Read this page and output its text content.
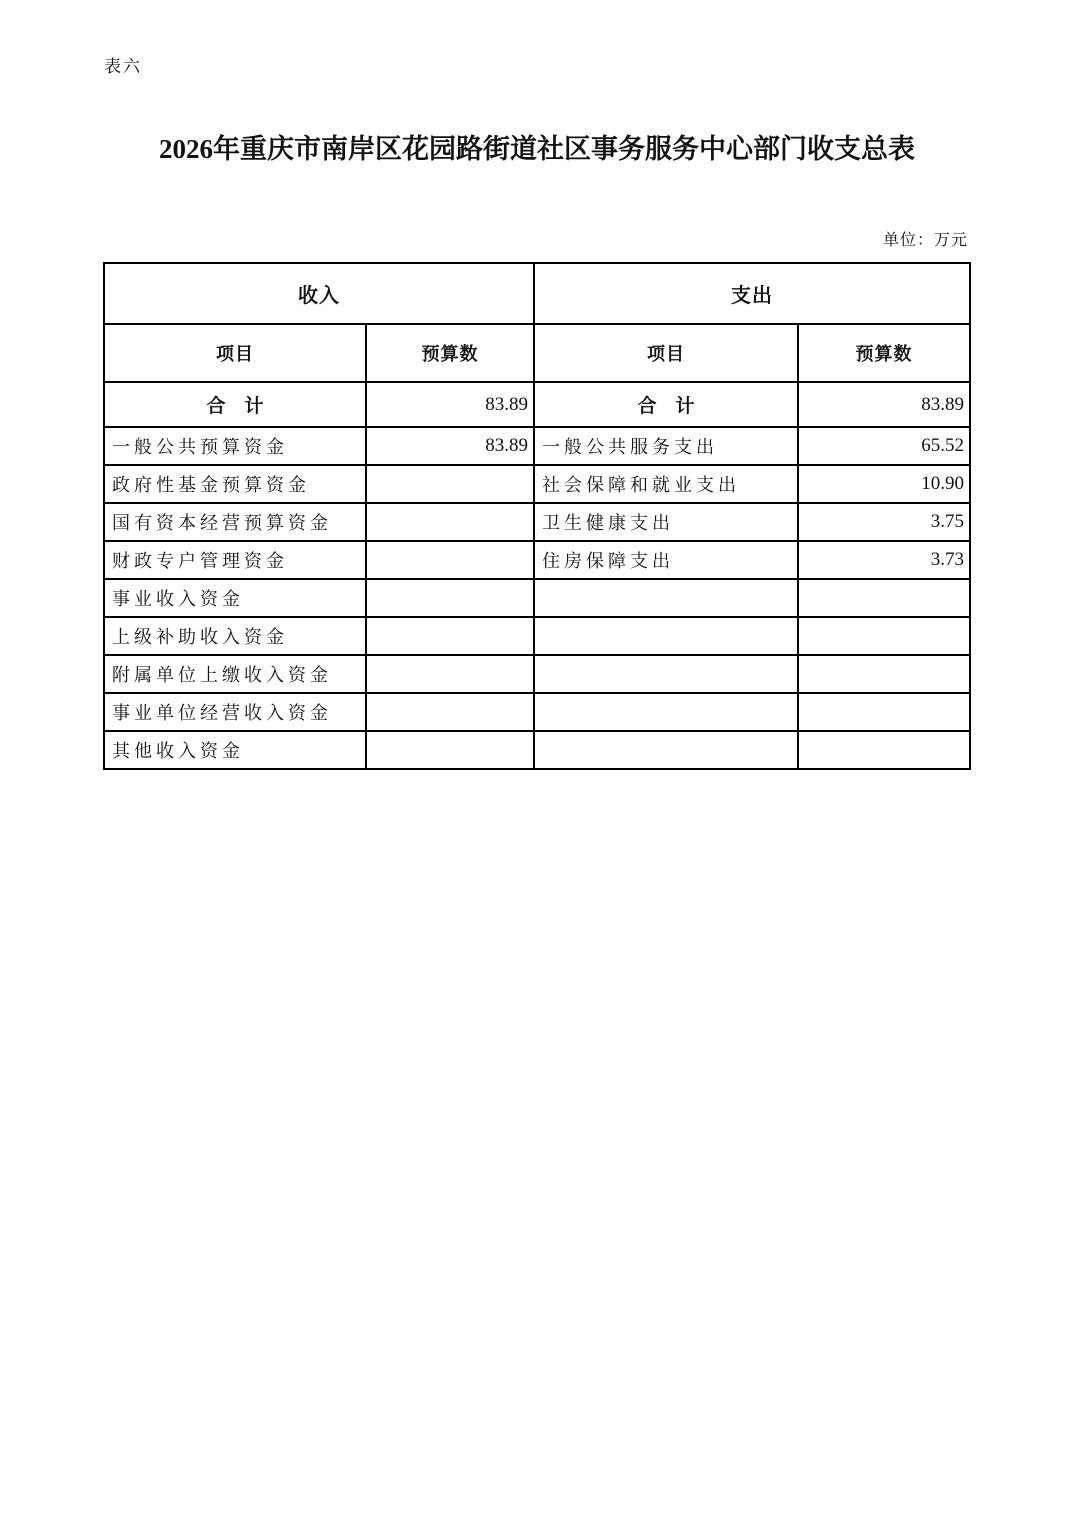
表六
2026年重庆市南岸区花园路街道社区事务服务中心部门收支总表
单位：万元
收入		支出	
项目	预算数	项目	预算数
合计	83.89	合计	83.89
一般公共预算资金	83.89	一般公共服务支出	65.52
政府性基金预算资金		社会保障和就业支出	10.90
国有资本经营预算资金		卫生健康支出	3.75
财政专户管理资金		住房保障支出	3.73
事业收入资金			
上级补助收入资金			
附属单位上缴收入资金			
事业单位经营收入资金			
其他收入资金			
